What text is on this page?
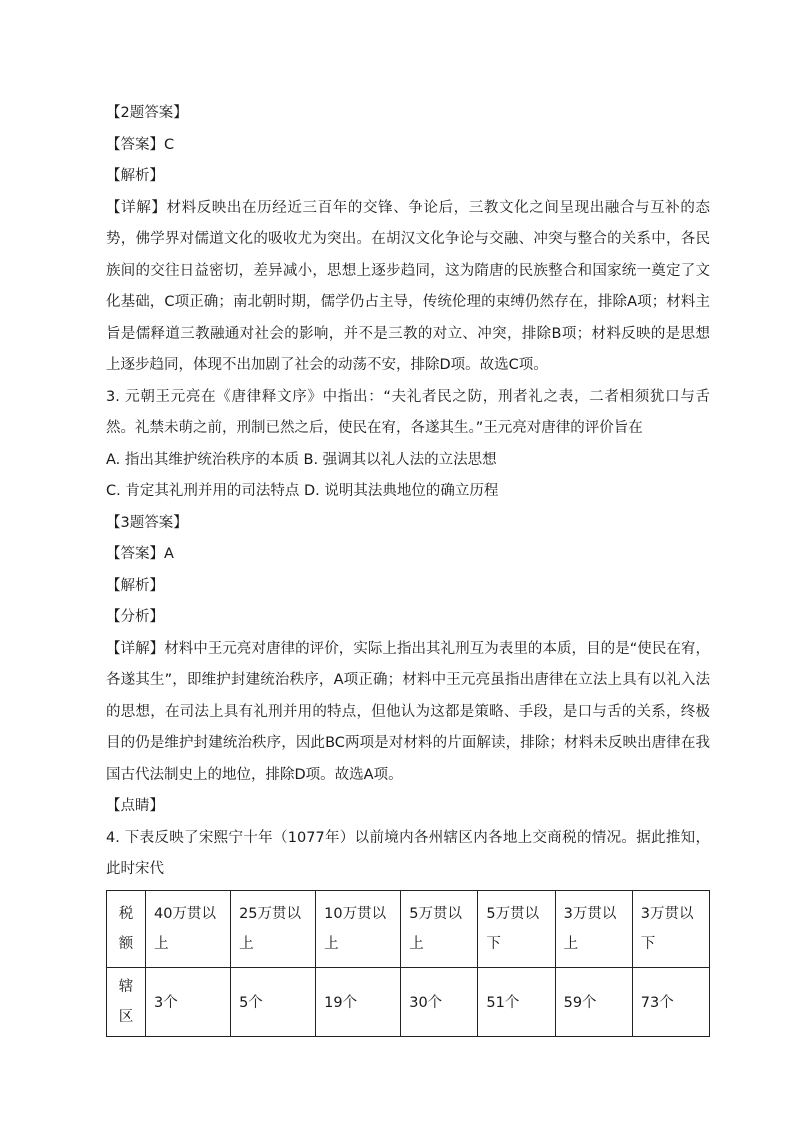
【2题答案】
【答案】C
【解析】

【详解】材料反映出在历经近三百年的交锋、争论后，三教文化之间呈现出融合与互补的态势，佛学界对儒道文化的吸收尤为突出。在胡汉文化争论与交融、冲突与整合的关系中，各民族间的交往日益密切，差异减小，思想上逐步趋同，这为隋唐的民族整合和国家统一奠定了文化基础，C项正确；南北朝时期，儒学仍占主导，传统伦理的束缚仍然存在，排除A项；材料主旨是儒释道三教融通对社会的影响，并不是三教的对立、冲突，排除B项；材料反映的是思想上逐步趋同，体现不出加剧了社会的动荡不安，排除D项。故选C项。

3. 元朝王元亮在《唐律释文序》中指出：“夫礼者民之防，刑者礼之表，二者相须犹口与舌然。礼禁未萌之前，刑制已然之后，使民在宥，各遂其生。”王元亮对唐律的评价旨在

A. 指出其维护统治秩序的本质 B. 强调其以礼人法的立法思想
C. 肯定其礼刑并用的司法特点 D. 说明其法典地位的确立历程
【3题答案】
【答案】A
【解析】
【分析】

【详解】材料中王元亮对唐律的评价，实际上指出其礼刑互为表里的本质，目的是“使民在宥，各遂其生”，即维护封建统治秩序，A项正确；材料中王元亮虽指出唐律在立法上具有以礼入法的思想，在司法上具有礼刑并用的特点，但他认为这都是策略、手段，是口与舌的关系，终极目的仍是维护封建统治秩序，因此BC两项是对材料的片面解读，排除；材料未反映出唐律在我国古代法制史上的地位，排除D项。故选A项。

【点睛】

4. 下表反映了宋熙宁十年（1077年）以前境内各州辖区内各地上交商税的情况。据此推知，此时宋代

税额	40万贯以上	25万贯以上	10万贯以上	5万贯以上	5万贯以下	3万贯以上	3万贯以下
辖区	3个	5个	19个	30个	51个	59个	73个
